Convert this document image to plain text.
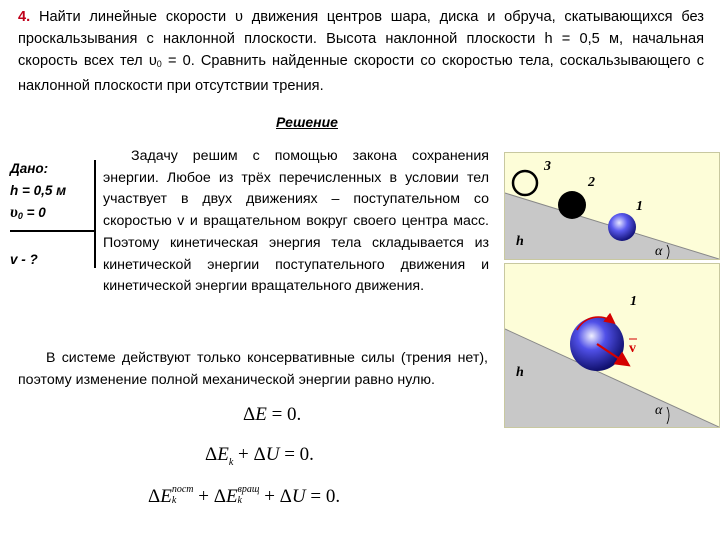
4. Найти линейные скорости υ движения центров шара, диска и обруча, скатывающихся без проскальзывания с наклонной плоскости. Высота наклонной плоскости h = 0,5 м, начальная скорость всех тел $\upsilon_0 = 0$. Сравнить найденные скорости со скоростью тела, соскальзывающего с наклонной плоскости при отсутствии трения.
Решение
Дано:
h = 0,5 м
$\upsilon_0 = 0$
v - ?
Задачу решим с помощью закона сохранения энергии. Любое из трёх перечисленных в условии тел участвует в двух движениях – поступательном со скоростью v и вращательном вокруг своего центра масс. Поэтому кинетическая энергия тела складывается из кинетической энергии поступательного движения и кинетической энергии вращательного движения.
В системе действуют только консервативные силы (трения нет), поэтому изменение полной механической энергии равно нулю.
3
2
1
h
α
1
v
h
α
ΔE = 0.
$\Delta E_k + \Delta U = 0$.
ΔE пост
k + ΔE вращ
k + ΔU = 0.
